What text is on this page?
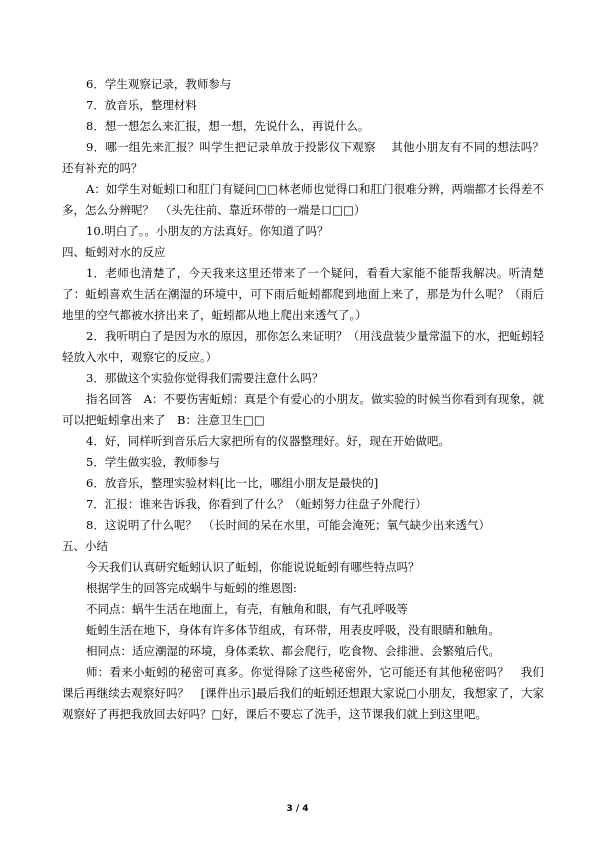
6．学生观察记录，教师参与

7．放音乐，整理材料

8．想一想怎么来汇报，想一想，先说什么，再说什么。

9．哪一组先来汇报？叫学生把记录单放于投影仪下观察　 其他小朋友有不同的想法吗？还有补充的吗？

A：如学生对蚯蚓口和肛门有疑问□□林老师也觉得口和肛门很难分辨，两端都才长得差不多，怎么分辨呢？　（头先往前、靠近环带的一端是口□□）

10.明白了。。小朋友的方法真好。你知道了吗？

四、蚯蚓对水的反应

1．老师也清楚了，今天我来这里还带来了一个疑问，看看大家能不能帮我解决。听清楚了：蚯蚓喜欢生活在潮湿的环境中，可下雨后蚯蚓都爬到地面上来了，那是为什么呢？（雨后地里的空气都被水挤出来了，蚯蚓都从地上爬出来透气了。）

2．我听明白了是因为水的原因，那你怎么来证明？（用浅盘装少量常温下的水，把蚯蚓轻轻放入水中，观察它的反应。）

3．那做这个实验你觉得我们需要注意什么吗？

指名回答　A：不要伤害蚯蚓：真是个有爱心的小朋友。做实验的时候当你看到有现象，就可以把蚯蚓拿出来了　B：注意卫生□□

4．好，同样听到音乐后大家把所有的仪器整理好。好，现在开始做吧。

5．学生做实验，教师参与

6．放音乐，整理实验材料[比一比，哪组小朋友是最快的]

7．汇报：谁来告诉我，你看到了什么？（蚯蚓努力往盘子外爬行）

8．这说明了什么呢？　（长时间的呆在水里，可能会淹死；氧气缺少出来透气）

五、小结

今天我们认真研究蚯蚓认识了蚯蚓，你能说说蚯蚓有哪些特点吗？

根据学生的回答完成蜗牛与蚯蚓的维恩图:

不同点：蜗牛生活在地面上，有壳，有触角和眼，有气孔呼吸等

蚯蚓生活在地下，身体有许多体节组成，有环带，用表皮呼吸，没有眼睛和触角。

相同点：适应潮湿的环境，身体柔软、都会爬行，吃食物、会排泄、会繁殖后代。

师：看来小蚯蚓的秘密可真多。你觉得除了这些秘密外，它可能还有其他秘密吗？　我们课后再继续去观察好吗？　[课件出示]最后我们的蚯蚓还想跟大家说□小朋友，我想家了，大家观察好了再把我放回去好吗？□好，课后不要忘了洗手，这节课我们就上到这里吧。

3 / 4
